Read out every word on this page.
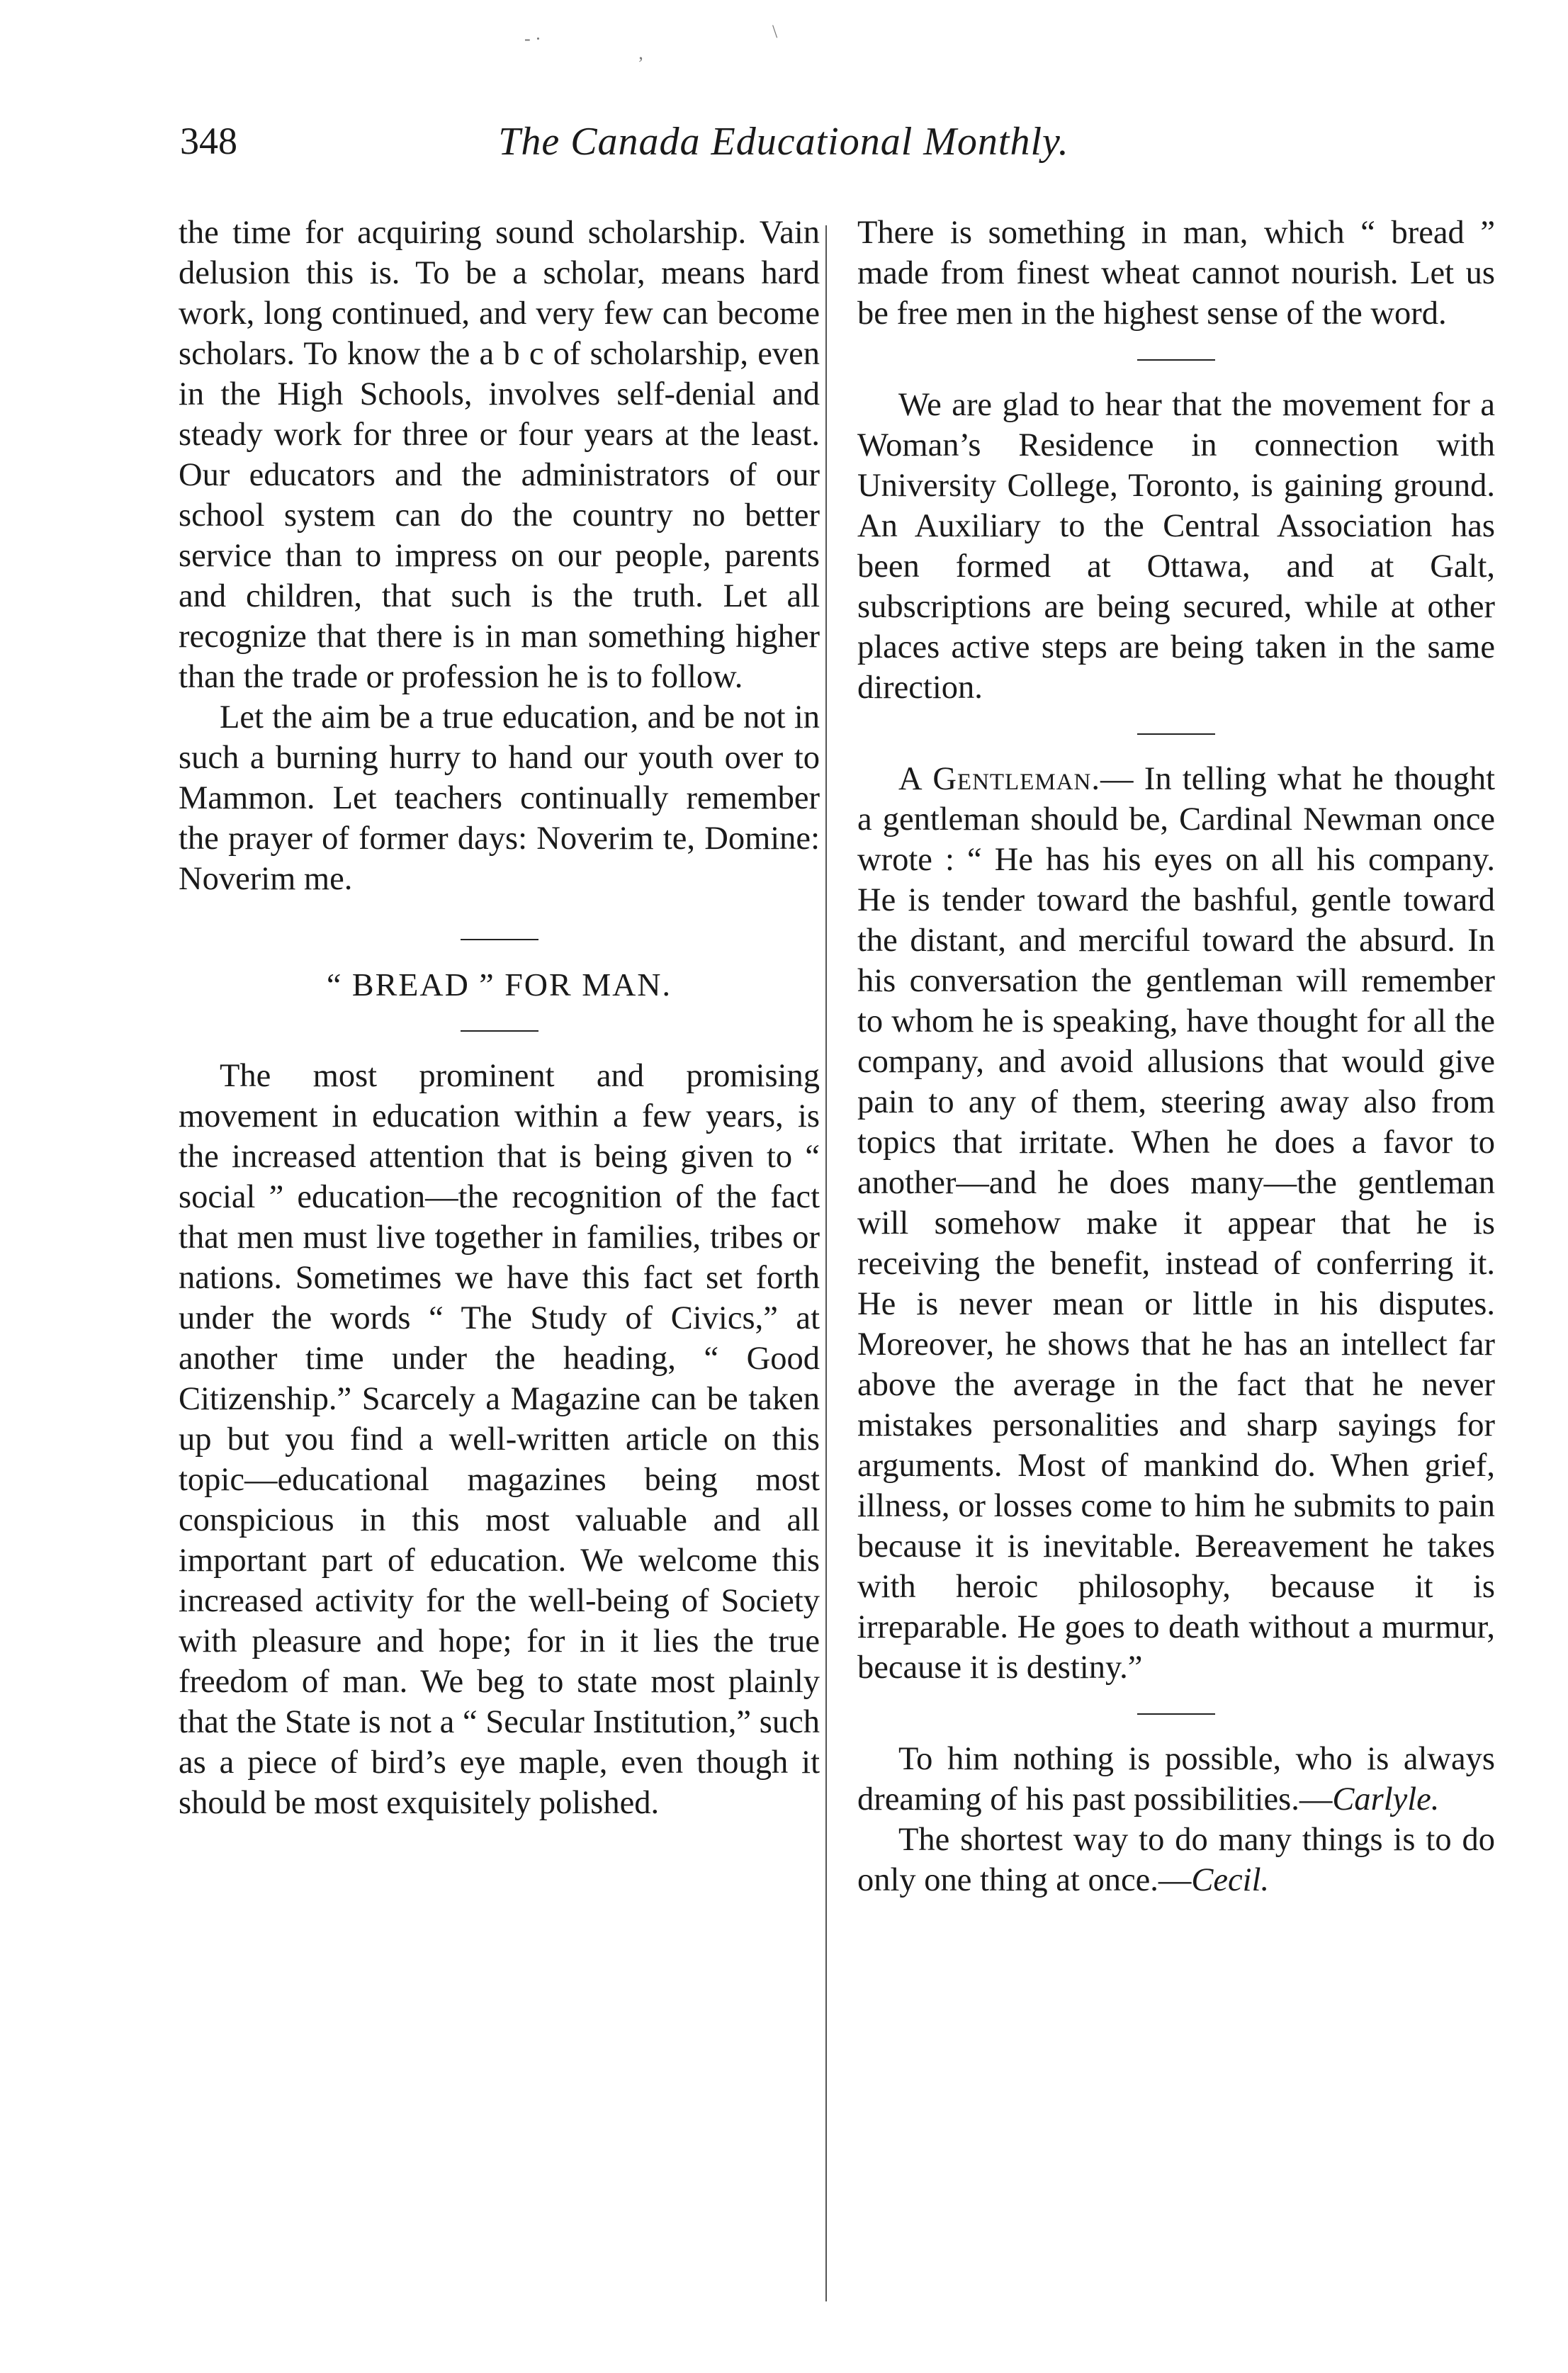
- ·
‚
\
348	The Canada Educational Monthly.

the time for acquiring sound scholarship. Vain delusion this is. To be a scholar, means hard work, long continued, and very few can become scholars. To know the a b c of scholarship, even in the High Schools, involves self-denial and steady work for three or four years at the least. Our educators and the administrators of our school system can do the country no better service than to impress on our people, parents and children, that such is the truth. Let all recognize that there is in man something higher than the trade or profession he is to follow.

Let the aim be a true education, and be not in such a burning hurry to hand our youth over to Mammon. Let teachers continually remember the prayer of former days: Noverim te, Domine: Noverim me.

“ BREAD ” FOR MAN.

The most prominent and promising movement in education within a few years, is the increased attention that is being given to “ social ” education—the recognition of the fact that men must live together in families, tribes or nations. Sometimes we have this fact set forth under the words “ The Study of Civics,” at another time under the heading, “ Good Citizenship.” Scarcely a Magazine can be taken up but you find a well-written article on this topic—educational magazines being most conspicious in this most valuable and all important part of education. We welcome this increased activity for the well-being of Society with pleasure and hope; for in it lies the true freedom of man. We beg to state most plainly that the State is not a “ Secular Institution,” such as a piece of bird’s eye maple, even though it should be most exquisitely polished.

There is something in man, which “ bread ” made from finest wheat cannot nourish. Let us be free men in the highest sense of the word.

We are glad to hear that the movement for a Woman’s Residence in connection with University College, Toronto, is gaining ground. An Auxiliary to the Central Association has been formed at Ottawa, and at Galt, subscriptions are being secured, while at other places active steps are being taken in the same direction.

A Gentleman.— In telling what he thought a gentleman should be, Cardinal Newman once wrote : “ He has his eyes on all his company. He is tender toward the bashful, gentle toward the distant, and merciful toward the absurd. In his conversation the gentleman will remember to whom he is speaking, have thought for all the company, and avoid allusions that would give pain to any of them, steering away also from topics that irritate. When he does a favor to another—and he does many—the gentleman will somehow make it appear that he is receiving the benefit, instead of conferring it. He is never mean or little in his disputes. Moreover, he shows that he has an intellect far above the average in the fact that he never mistakes personalities and sharp sayings for arguments. Most of mankind do. When grief, illness, or losses come to him he submits to pain because it is inevitable. Bereavement he takes with heroic philosophy, because it is irreparable. He goes to death without a murmur, because it is destiny.”

To him nothing is possible, who is always dreaming of his past possibilities.—Carlyle.

The shortest way to do many things is to do only one thing at once.—Cecil.
